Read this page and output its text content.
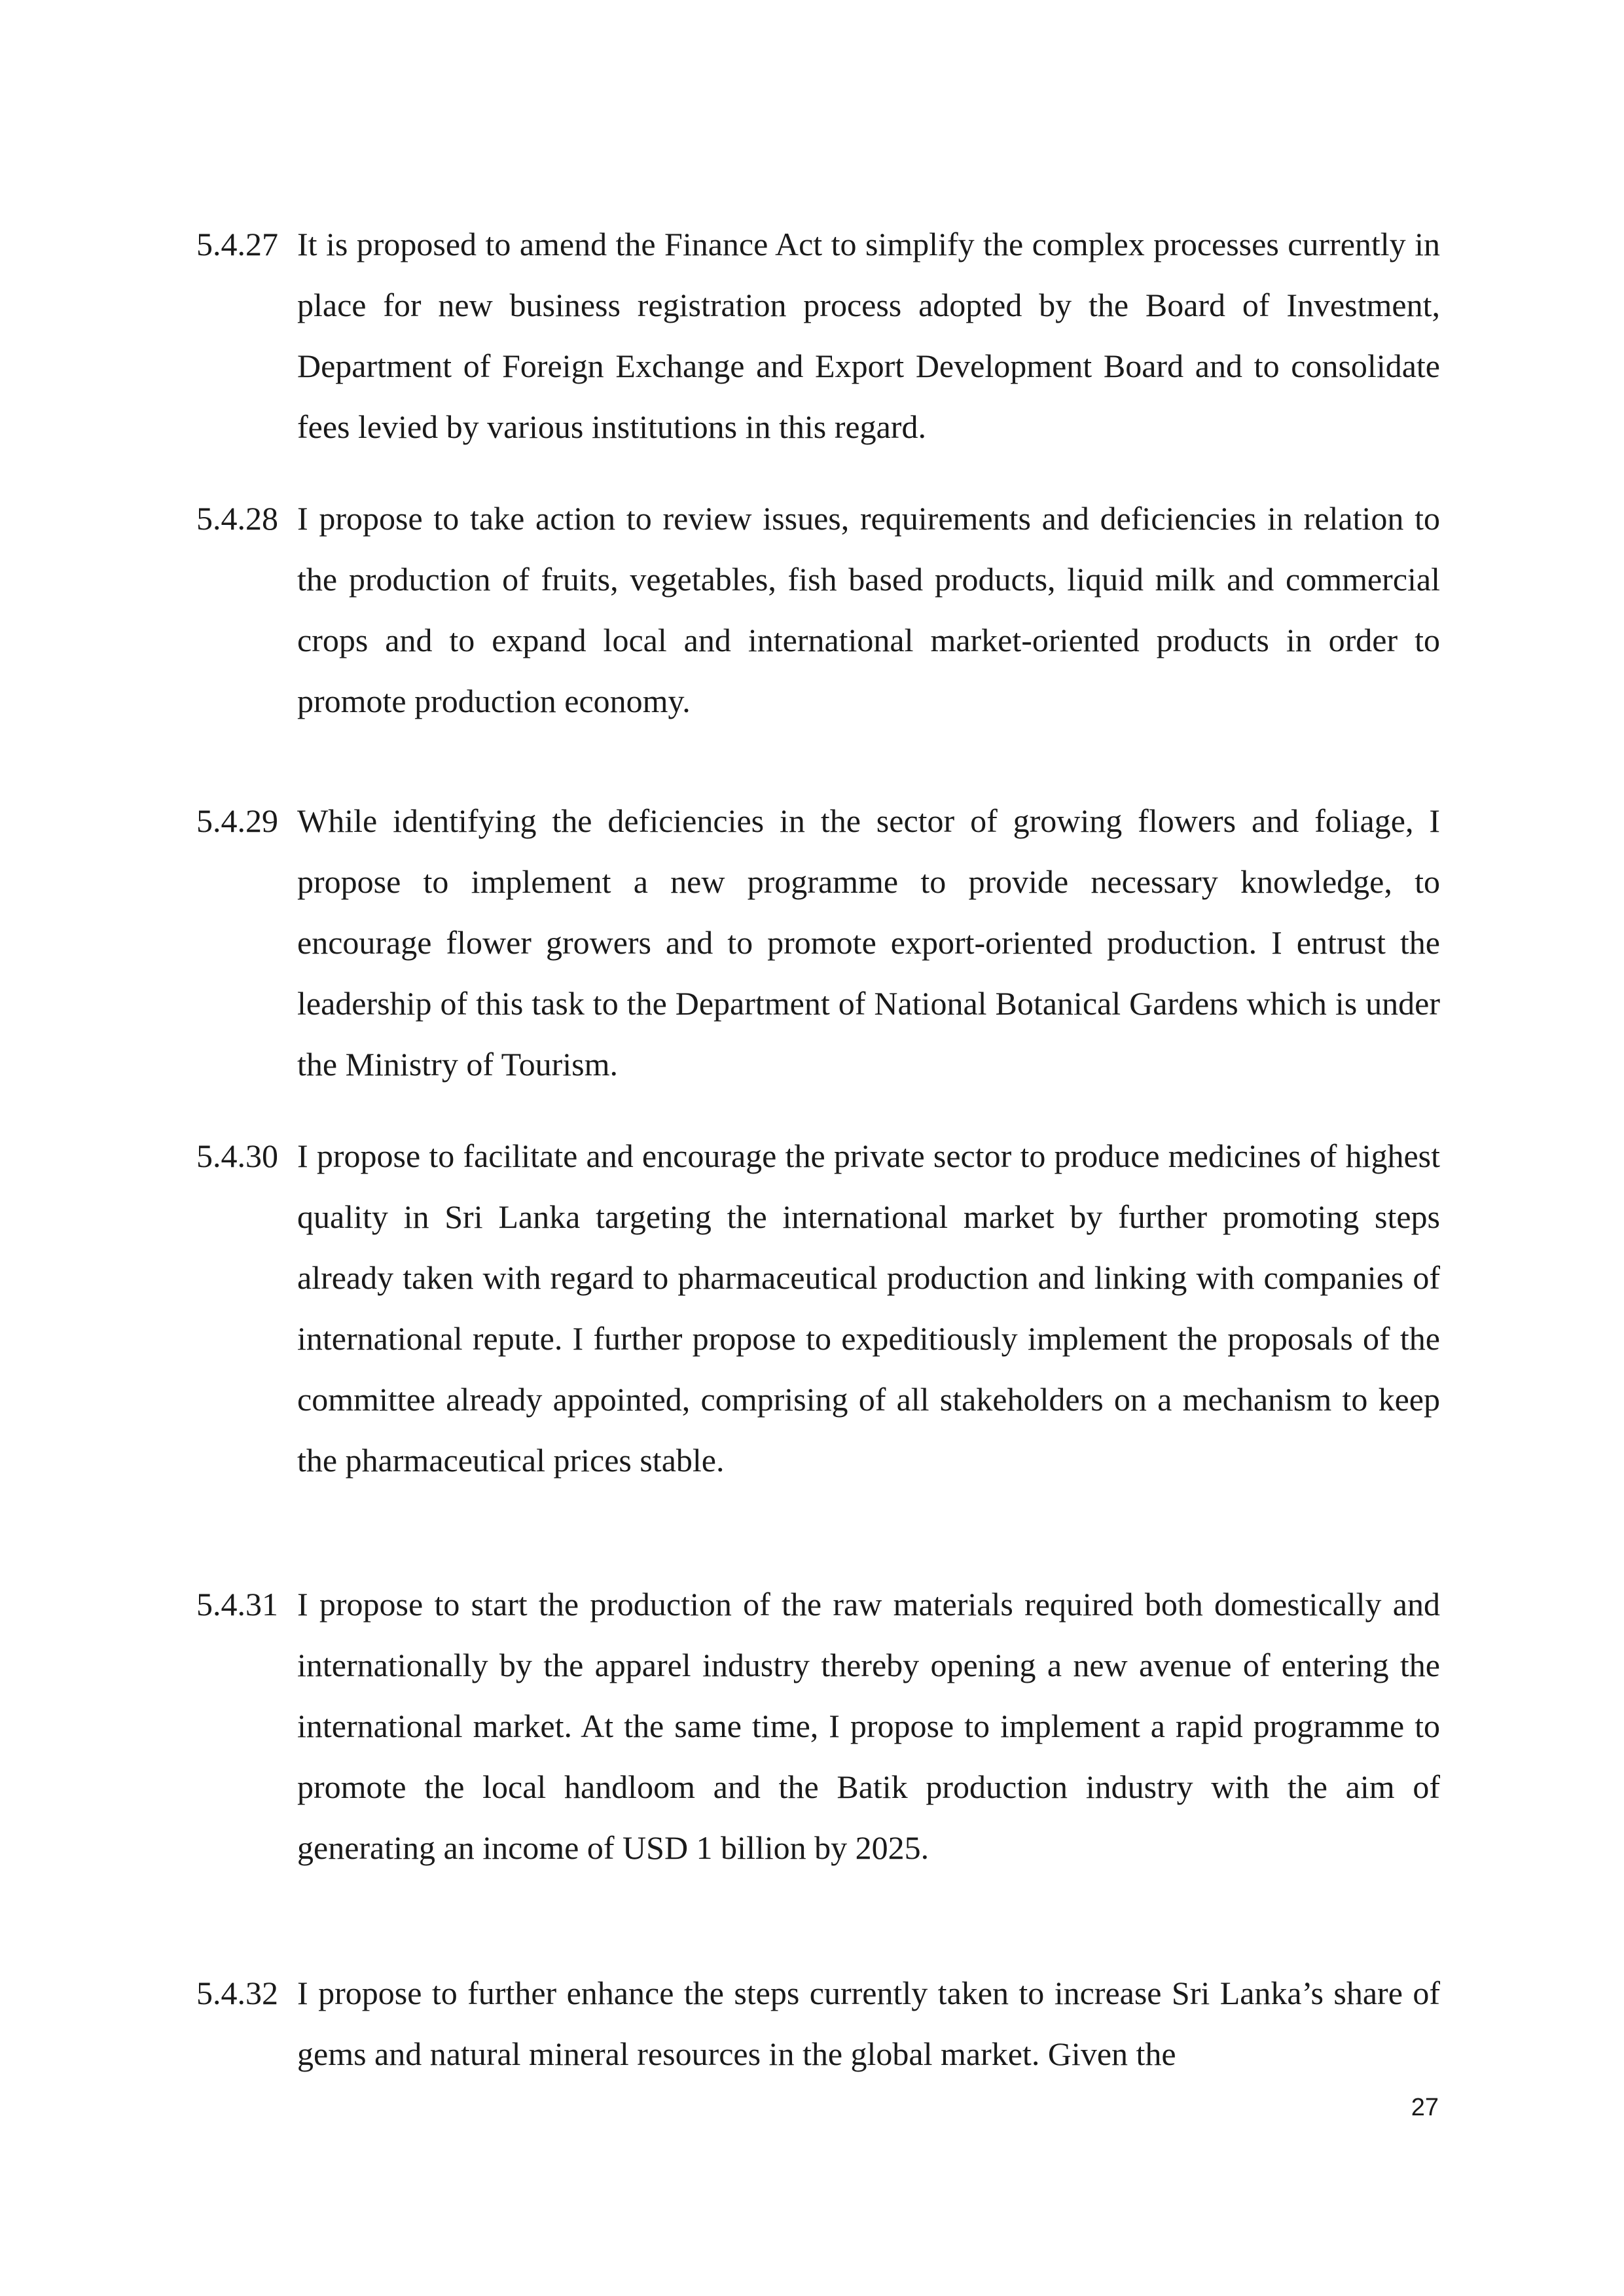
5.4.27 It is proposed to amend the Finance Act to simplify the complex processes currently in place for new business registration process adopted by the Board of Investment, Department of Foreign Exchange and Export Development Board and to consolidate fees levied by various institutions in this regard.
5.4.28 I propose to take action to review issues, requirements and deficiencies in relation to the production of fruits, vegetables, fish based products, liquid milk and commercial crops and to expand local and international market-oriented products in order to promote production economy.
5.4.29 While identifying the deficiencies in the sector of growing flowers and foliage, I propose to implement a new programme to provide necessary knowledge, to encourage flower growers and to promote export-oriented production. I entrust the leadership of this task to the Department of National Botanical Gardens which is under the Ministry of Tourism.
5.4.30 I propose to facilitate and encourage the private sector to produce medicines of highest quality in Sri Lanka targeting the international market by further promoting steps already taken with regard to pharmaceutical production and linking with companies of international repute. I further propose to expeditiously implement the proposals of the committee already appointed, comprising of all stakeholders on a mechanism to keep the pharmaceutical prices stable.
5.4.31 I propose to start the production of the raw materials required both domestically and internationally by the apparel industry thereby opening a new avenue of entering the international market. At the same time, I propose to implement a rapid programme to promote the local handloom and the Batik production industry with the aim of generating an income of USD 1 billion by 2025.
5.4.32 I propose to further enhance the steps currently taken to increase Sri Lanka’s share of gems and natural mineral resources in the global market. Given the
27
